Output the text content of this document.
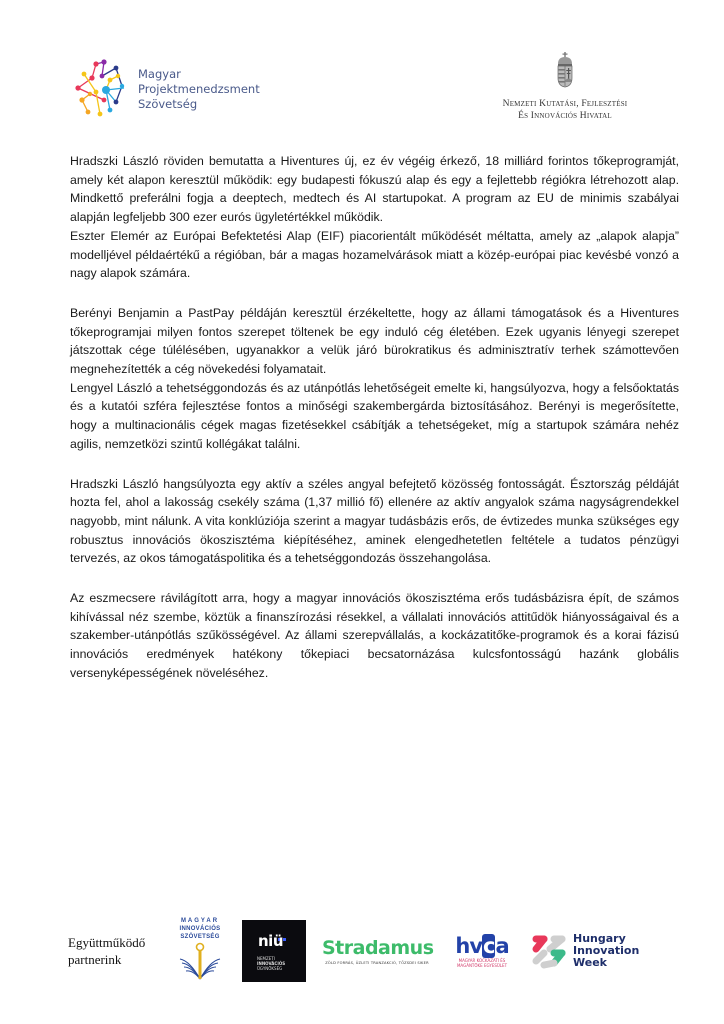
Magyar
Projektmenedzsment
Szövetség	Nemzeti Kutatási, Fejlesztési
És Innovációs Hivatal

Hradszki László röviden bemutatta a Hiventures új, ez év végéig érkező, 18 milliárd forintos tőkeprogramját, amely két alapon keresztül működik: egy budapesti fókuszú alap és egy a fejlettebb régiókra létrehozott alap. Mindkettő preferálni fogja a deeptech, medtech és AI startupokat. A program az EU de minimis szabályai alapján legfeljebb 300 ezer eurós ügyletértékkel működik.

Eszter Elemér az Európai Befektetési Alap (EIF) piacorientált működését méltatta, amely az „alapok alapja” modelljével példaértékű a régióban, bár a magas hozamelvárások miatt a közép-európai piac kevésbé vonzó a nagy alapok számára.

Berényi Benjamin a PastPay példáján keresztül érzékeltette, hogy az állami támogatások és a Hiventures tőkeprogramjai milyen fontos szerepet töltenek be egy induló cég életében. Ezek ugyanis lényegi szerepet játszottak cége túlélésében, ugyanakkor a velük járó bürokratikus és adminisztratív terhek számottevően megnehezítették a cég növekedési folyamatait.

Lengyel László a tehetséggondozás és az utánpótlás lehetőségeit emelte ki, hangsúlyozva, hogy a felsőoktatás és a kutatói szféra fejlesztése fontos a minőségi szakembergárda biztosításához. Berényi is megerősítette, hogy a multinacionális cégek magas fizetésekkel csábítják a tehetségeket, míg a startupok számára nehéz agilis, nemzetközi szintű kollégákat találni.

Hradszki László hangsúlyozta egy aktív a széles angyal befejtető közösség fontosságát. Észtország példáját hozta fel, ahol a lakosság csekély száma (1,37 millió fő) ellenére az aktív angyalok száma nagyságrendekkel nagyobb, mint nálunk. A vita konklúziója szerint a magyar tudásbázis erős, de évtizedes munka szükséges egy robusztus innovációs ökoszisztéma kiépítéséhez, aminek elengedhetetlen feltétele a tudatos pénzügyi tervezés, az okos támogatáspolitika és a tehetséggondozás összehangolása.

Az eszmecsere rávilágított arra, hogy a magyar innovációs ökoszisztéma erős tudásbázisra épít, de számos kihívással néz szembe, köztük a finanszírozási résekkel, a vállalati innovációs attitűdök hiányosságaival és a szakember-utánpótlás szűkösségével. Az állami szerepvállalás, a kockázatitőke-programok és a korai fázisú innovációs eredmények hatékony tőkepiaci becsatornázása kulcsfontosságú hazánk globális versenyképességének növeléséhez.

Együttműködő
partnerink
MAGYAR
INNOVÁCIÓS
SZÖVETSÉG	niü
NEMZETI
INNOVÁCIÓS
ÜGYNÖKSÉG
Stradamus
ZÖLD FORRÁS, ÜZLETI TRANZAKCIÓ, TŐZSDEI SIKER
hvca
MAGYAR KOCKÁZATI ÉS
MAGÁNTŐKE EGYESÜLET
Hungary
Innovation
Week
